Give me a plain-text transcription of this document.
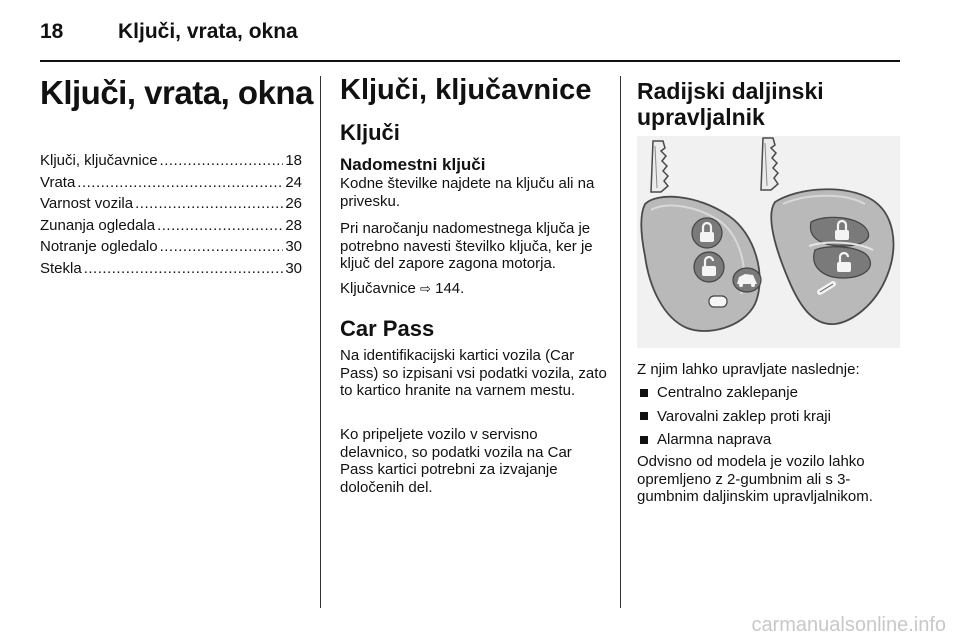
18	Ključi, vrata, okna
Ključi, vrata, okna
Ključi, ključavnice .....	18
Vrata .....	24
Varnost vozila .....	26
Zunanja ogledala .....	28
Notranje ogledalo .....	30
Stekla .....	30
Ključi, ključavnice
Ključi
Nadomestni ključi

Kodne številke najdete na ključu ali na privesku.

Pri naročanju nadomestnega ključa je potrebno navesti številko ključa, ker je ključ del zapore zagona motorja.

Ključavnice ⇨ 144.

Car Pass

Na identifikacijski kartici vozila (Car Pass) so izpisani vsi podatki vozila, zato to kartico hranite na varnem mestu.

Ko pripeljete vozilo v servisno delavnico, so podatki vozila na Car Pass kartici potrebni za izvajanje določenih del.

Radijski daljinski upravljalnik

Z njim lahko upravljate naslednje:

Centralno zaklepanje
Varovalni zaklep proti kraji
Alarmna naprava

Odvisno od modela je vozilo lahko opremljeno z 2-gumbnim ali s 3-gumbnim daljinskim upravljalnikom.

carmanualsonline.info
